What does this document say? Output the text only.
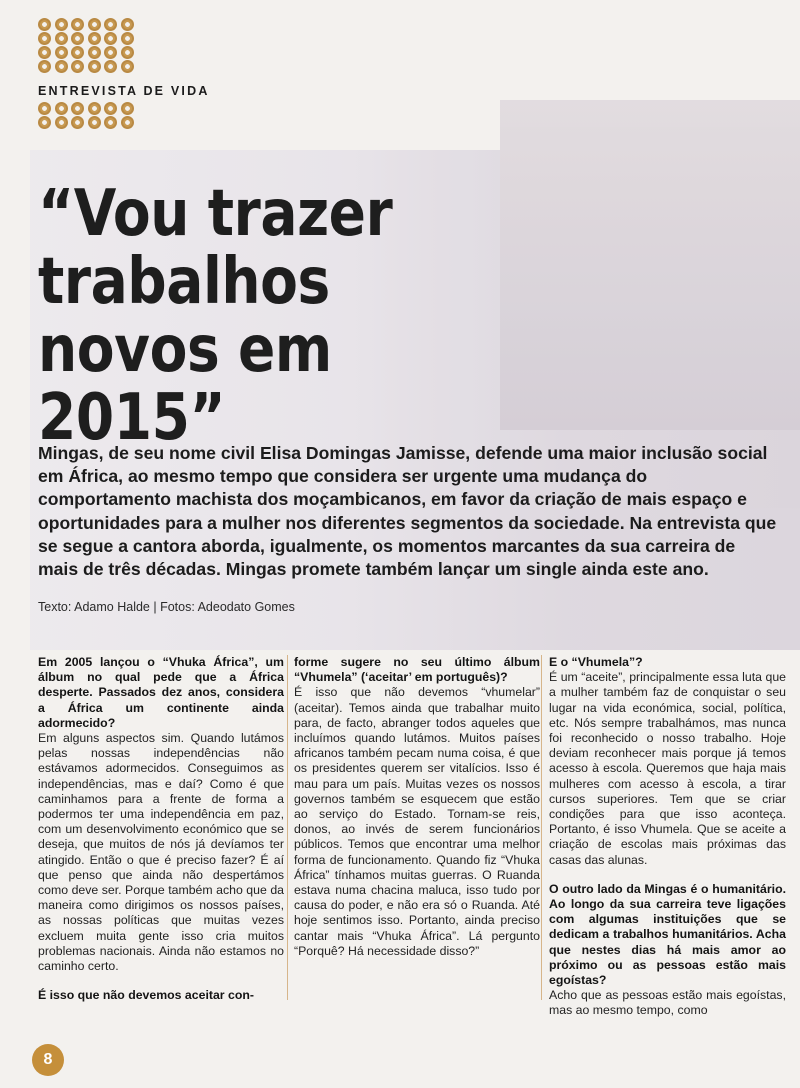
ENTREVISTA DE VIDA
“Vou trazer trabalhos novos em 2015”

Mingas, de seu nome civil Elisa Domingas Jamisse, defende uma maior inclusão social em África, ao mesmo tempo que considera ser urgente uma mudança do comportamento machista dos moçambicanos, em favor da criação de mais espaço e oportunidades para a mulher nos diferentes segmentos da sociedade. Na entrevista que se segue a cantora aborda, igualmente, os momentos marcantes da sua carreira de mais de três décadas. Mingas promete também lançar um single ainda este ano.

Texto: Adamo Halde | Fotos: Adeodato Gomes

Em 2005 lançou o “Vhuka África”, um álbum no qual pede que a África desperte. Passados dez anos, considera a África um continente ainda adormecido?

Em alguns aspectos sim. Quando lutámos pelas nossas independências não estávamos adormecidos. Conseguimos as independências, mas e daí? Como é que caminhamos para a frente de forma a podermos ter uma independência em paz, com um desenvolvimento económico que se deseja, que muitos de nós já devíamos ter atingido. Então o que é preciso fazer? É aí que penso que ainda não despertámos como deve ser. Porque também acho que da maneira como dirigimos os nossos países, as nossas políticas que muitas vezes excluem muita gente isso cria muitos problemas nacionais. Ainda não estamos no caminho certo.

É isso que não devemos aceitar con-

forme sugere no seu último álbum “Vhumela” (‘aceitar’ em português)?

É isso que não devemos “vhumelar” (aceitar). Temos ainda que trabalhar muito para, de facto, abranger todos aqueles que incluímos quando lutámos. Muitos países africanos também pecam numa coisa, é que os presidentes querem ser vitalícios. Isso é mau para um país. Muitas vezes os nossos governos também se esquecem que estão ao serviço do Estado. Tornam-se reis, donos, ao invés de serem funcionários públicos. Temos que encontrar uma melhor forma de funcionamento. Quando fiz “Vhuka África” tínhamos muitas guerras. O Ruanda estava numa chacina maluca, isso tudo por causa do poder, e não era só o Ruanda. Até hoje sentimos isso. Portanto, ainda preciso cantar mais “Vhuka África”. Lá pergunto “Porquê? Há necessidade disso?”

E o “Vhumela”?

É um “aceite”, principalmente essa luta que a mulher também faz de conquistar o seu lugar na vida económica, social, política, etc. Nós sempre trabalhámos, mas nunca foi reconhecido o nosso trabalho. Hoje deviam reconhecer mais porque já temos acesso à escola. Queremos que haja mais mulheres com acesso à escola, a tirar cursos superiores. Tem que se criar condições para que isso aconteça. Portanto, é isso Vhumela. Que se aceite a criação de escolas mais próximas das casas das alunas.

O outro lado da Mingas é o humanitário. Ao longo da sua carreira teve ligações com algumas instituições que se dedicam a trabalhos humanitários. Acha que nestes dias há mais amor ao próximo ou as pessoas estão mais egoístas?

Acho que as pessoas estão mais egoístas, mas ao mesmo tempo, como

8
